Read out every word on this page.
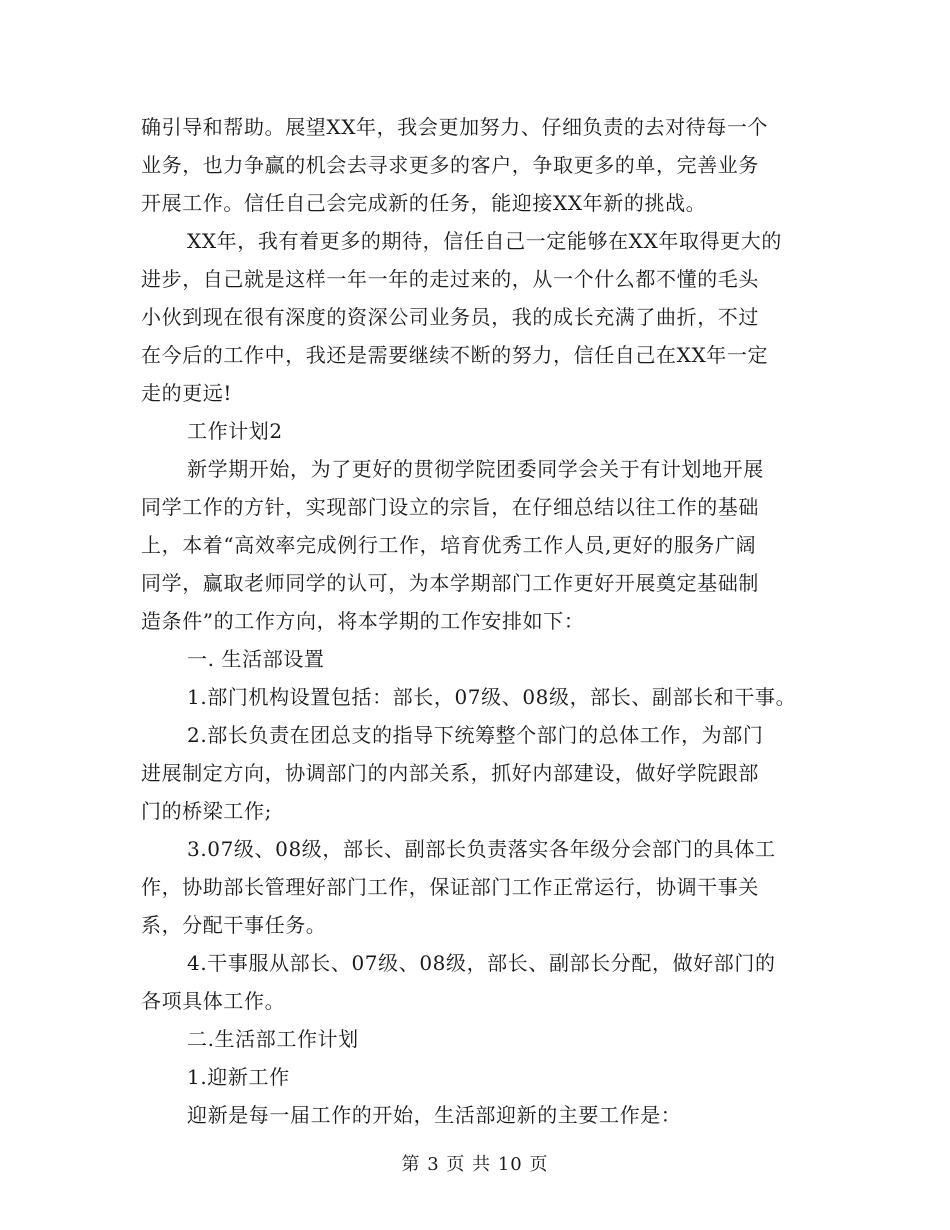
确引导和帮助。展望XX年，我会更加努力、仔细负责的去对待每一个
业务，也力争赢的机会去寻求更多的客户，争取更多的单，完善业务
开展工作。信任自己会完成新的任务，能迎接XX年新的挑战。
XX年，我有着更多的期待，信任自己一定能够在XX年取得更大的
进步，自己就是这样一年一年的走过来的，从一个什么都不懂的毛头
小伙到现在很有深度的资深公司业务员，我的成长充满了曲折，不过
在今后的工作中，我还是需要继续不断的努力，信任自己在XX年一定
走的更远!
工作计划2
新学期开始，为了更好的贯彻学院团委同学会关于有计划地开展
同学工作的方针，实现部门设立的宗旨，在仔细总结以往工作的基础
上，本着“高效率完成例行工作，培育优秀工作人员,更好的服务广阔
同学，赢取老师同学的认可，为本学期部门工作更好开展奠定基础制
造条件”的工作方向，将本学期的工作安排如下：
一. 生活部设置
1.部门机构设置包括：部长，07级、08级，部长、副部长和干事。
2.部长负责在团总支的指导下统筹整个部门的总体工作，为部门
进展制定方向，协调部门的内部关系，抓好内部建设，做好学院跟部
门的桥梁工作;
3.07级、08级，部长、副部长负责落实各年级分会部门的具体工
作，协助部长管理好部门工作，保证部门工作正常运行，协调干事关
系，分配干事任务。
4.干事服从部长、07级、08级，部长、副部长分配，做好部门的
各项具体工作。
二.生活部工作计划
1.迎新工作
迎新是每一届工作的开始，生活部迎新的主要工作是：
第 3 页 共 10 页
